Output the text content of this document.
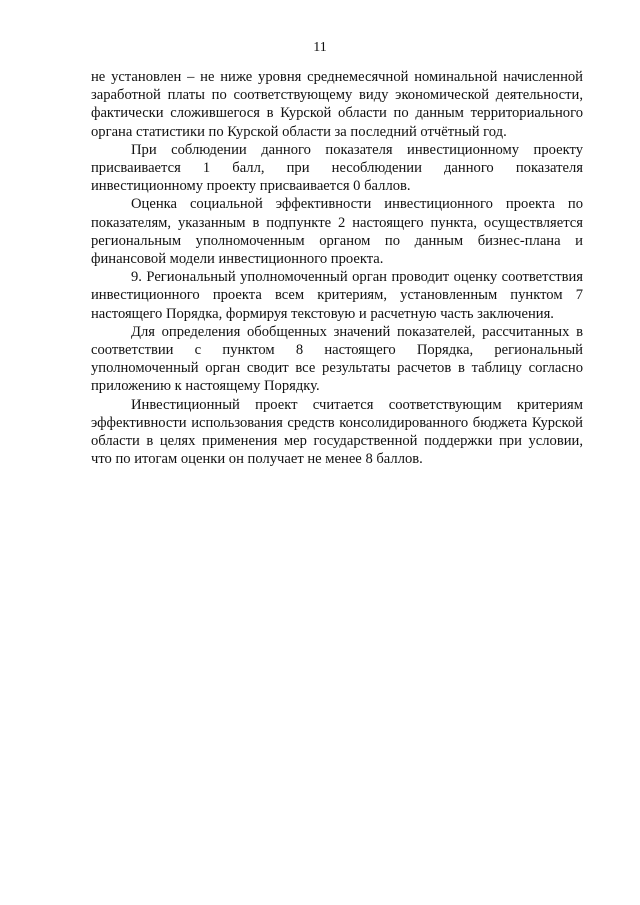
11

не установлен – не ниже уровня среднемесячной номинальной начисленной заработной платы по соответствующему виду экономической деятельности, фактически сложившегося в Курской области по данным территориального органа статистики по Курской области за последний отчётный год.

При соблюдении данного показателя инвестиционному проекту присваивается 1 балл, при несоблюдении данного показателя инвестиционному проекту присваивается 0 баллов.

Оценка социальной эффективности инвестиционного проекта по показателям, указанным в подпункте 2 настоящего пункта, осуществляется региональным уполномоченным органом по данным бизнес-плана и финансовой модели инвестиционного проекта.

9. Региональный уполномоченный орган проводит оценку соответствия инвестиционного проекта всем критериям, установленным пунктом 7 настоящего Порядка, формируя текстовую и расчетную часть заключения.

Для определения обобщенных значений показателей, рассчитанных в соответствии с пунктом 8 настоящего Порядка, региональный уполномоченный орган сводит все результаты расчетов в таблицу согласно приложению к настоящему Порядку.

Инвестиционный проект считается соответствующим критериям эффективности использования средств консолидированного бюджета Курской области в целях применения мер государственной поддержки при условии, что по итогам оценки он получает не менее 8 баллов.
